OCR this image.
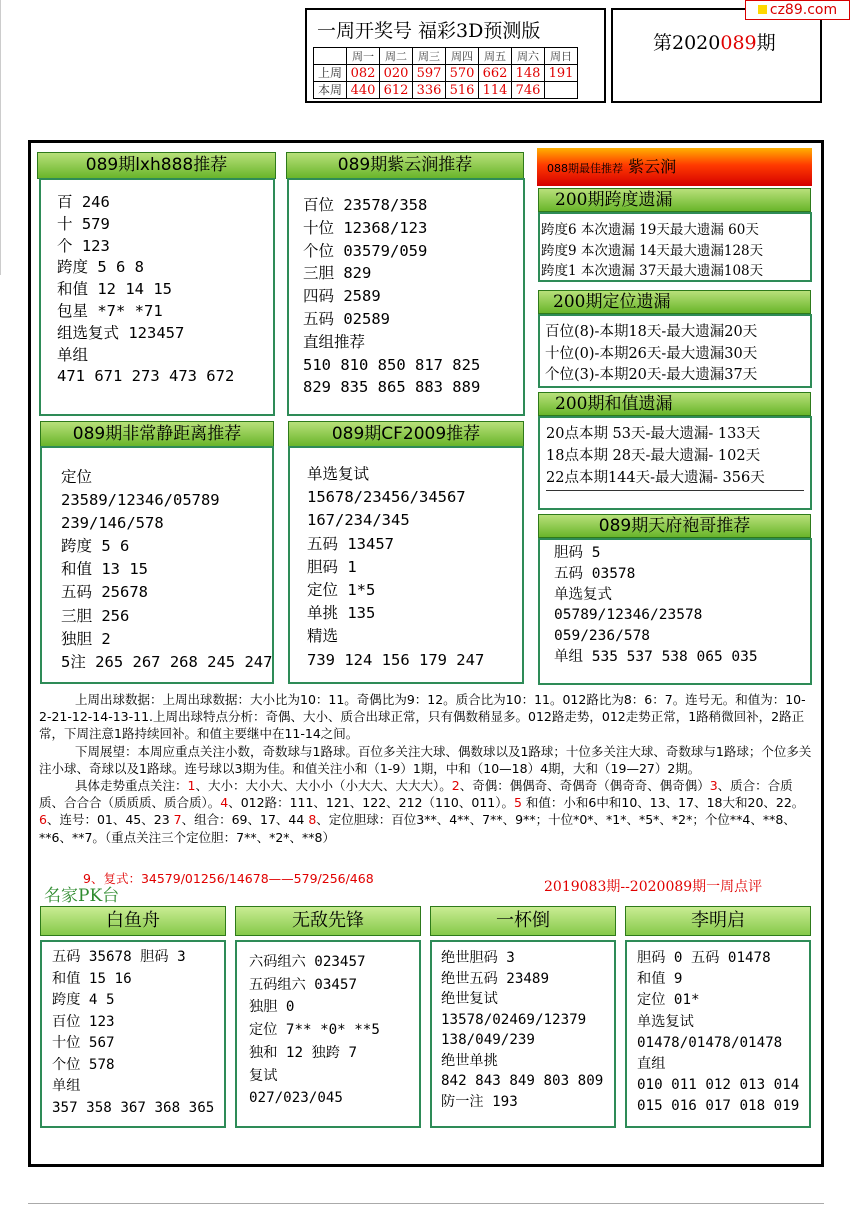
一周开奖号 福彩3D预测版
	周一	周二	周三	周四	周五	周六	周日
上周	082	020	597	570	662	148	191
本周	440	612	336	516	114	746	
第2020089期
cz89.com
089期lxh888推荐
百 246
十 579
个 123
跨度 5 6 8
和值 12 14 15
包星 *7* *71
组选复式 123457
单组
471 671 273 473 672
089期紫云涧推荐
百位 23578/358
十位 12368/123
个位 03579/059
三胆 829
四码 2589
五码 02589
直组推荐
510 810 850 817 825
829 835 865 883 889
088期最佳推荐 紫云涧
200期跨度遗漏
跨度6 本次遗漏 19天最大遗漏 60天
跨度9 本次遗漏 14天最大遗漏128天
跨度1 本次遗漏 37天最大遗漏108天
200期定位遗漏
百位(8)-本期18天-最大遗漏20天
十位(0)-本期26天-最大遗漏30天
个位(3)-本期20天-最大遗漏37天
200期和值遗漏
20点本期 53天-最大遗漏- 133天
18点本期 28天-最大遗漏- 102天
22点本期144天-最大遗漏- 356天
089期非常静距离推荐
定位
23589/12346/05789
239/146/578
跨度 5 6
和值 13 15
五码 25678
三胆 256
独胆 2
5注 265 267 268 245 247
089期CF2009推荐
单选复试
15678/23456/34567
167/234/345
五码 13457
胆码 1
定位 1*5
单挑 135
精选
739 124 156 179 247
089期天府袍哥推荐
胆码 5
五码 03578
单选复式
05789/12346/23578
059/236/578
单组 535 537 538 065 035

上周出球数据：上周出球数据：大小比为10：11。奇偶比为9：12。质合比为10：11。012路比为8：6：7。连号无。和值为：10-2-21-12-14-13-11.上周出球特点分析：奇偶、大小、质合出球正常，只有偶数稍显多。012路走势，012走势正常，1路稍微回补，2路正常，下周注意1路持续回补。和值主要继中在11-14之间。

下周展望：本周应重点关注小数，奇数球与1路球。百位多关注大球、偶数球以及1路球；十位多关注大球、奇数球与1路球；个位多关注小球、奇球以及1路球。连号球以3期为佳。和值关注小和（1-9）1期，中和（10—18）4期，大和（19—27）2期。

具体走势重点关注：1、大小：大小大、大小小（小大大、大大大）。2、奇偶：偶偶奇、奇偶奇（偶奇奇、偶奇偶）3、质合：合质质、合合合（质质质、质合质）。4、012路：111、121、122、212（110、011）。5 和值：小和6中和10、13、17、18大和20、22。6、连号：01、45、23 7、组合：69、17、44 8、定位胆球：百位3**、4**、7**、9**；十位*0*、*1*、*5*、*2*；个位**4、**8、**6、**7。（重点关注三个定位胆：7**、*2*、**8）

9、复式：34579/01256/14678——579/256/468
名家PK台	2019083期--2020089期一周点评
白鱼舟
五码 35678 胆码 3
和值 15 16
跨度 4 5
百位 123
十位 567
个位 578
单组
357 358 367 368 365
无敌先锋
六码组六 023457
五码组六 03457
独胆 0
定位 7** *0* **5
独和 12 独跨 7
复试
027/023/045
一杯倒
绝世胆码 3
绝世五码 23489
绝世复试
13578/02469/12379
138/049/239
绝世单挑
842 843 849 803 809
防一注 193
李明启
胆码 0 五码 01478
和值 9
定位 01*
单选复试
01478/01478/01478
直组
010 011 012 013 014
015 016 017 018 019
